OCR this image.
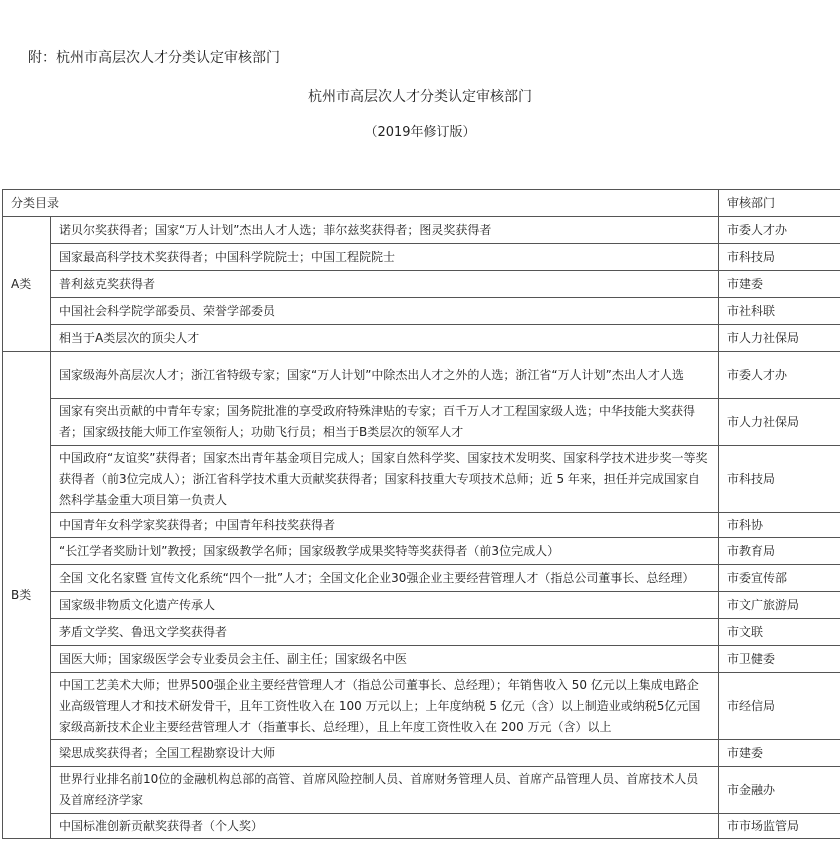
附：杭州市高层次人才分类认定审核部门
杭州市高层次人才分类认定审核部门
（2019年修订版）
分类目录		审核部门
A类	诺贝尔奖获得者；国家“万人计划”杰出人才人选；菲尔兹奖获得者；图灵奖获得者	市委人才办
	国家最高科学技术奖获得者；中国科学院院士；中国工程院院士	市科技局
	普利兹克奖获得者	市建委
	中国社会科学院学部委员、荣誉学部委员	市社科联
	相当于A类层次的顶尖人才	市人力社保局
B类	国家级海外高层次人才；浙江省特级专家；国家“万人计划”中除杰出人才之外的人选；浙江省“万人计划”杰出人才人选	市委人才办
	国家有突出贡献的中青年专家；国务院批准的享受政府特殊津贴的专家；百千万人才工程国家级人选；中华技能大奖获得者；国家级技能大师工作室领衔人；功勋飞行员；相当于B类层次的领军人才	市人力社保局
	中国政府“友谊奖”获得者；国家杰出青年基金项目完成人；国家自然科学奖、国家技术发明奖、国家科学技术进步奖一等奖获得者（前3位完成人）；浙江省科学技术重大贡献奖获得者；国家科技重大专项技术总师；近 5 年来，担任并完成国家自然科学基金重大项目第一负责人	市科技局
	中国青年女科学家奖获得者；中国青年科技奖获得者	市科协
	“长江学者奖励计划”教授；国家级教学名师；国家级教学成果奖特等奖获得者（前3位完成人）	市教育局
	全国 文化名家暨 宣传文化系统“四个一批”人才；全国文化企业30强企业主要经营管理人才（指总公司董事长、总经理）	市委宣传部
	国家级非物质文化遗产传承人	市文广旅游局
	茅盾文学奖、鲁迅文学奖获得者	市文联
	国医大师；国家级医学会专业委员会主任、副主任；国家级名中医	市卫健委
	中国工艺美术大师；世界500强企业主要经营管理人才（指总公司董事长、总经理）；年销售收入 50 亿元以上集成电路企业高级管理人才和技术研发骨干，且年工资性收入在 100 万元以上；上年度纳税 5 亿元（含）以上制造业或纳税5亿元国家级高新技术企业主要经营管理人才（指董事长、总经理），且上年度工资性收入在 200 万元（含）以上	市经信局
	梁思成奖获得者；全国工程勘察设计大师	市建委
	世界行业排名前10位的金融机构总部的高管、首席风险控制人员、首席财务管理人员、首席产品管理人员、首席技术人员及首席经济学家	市金融办
	中国标准创新贡献奖获得者（个人奖）	市市场监管局
